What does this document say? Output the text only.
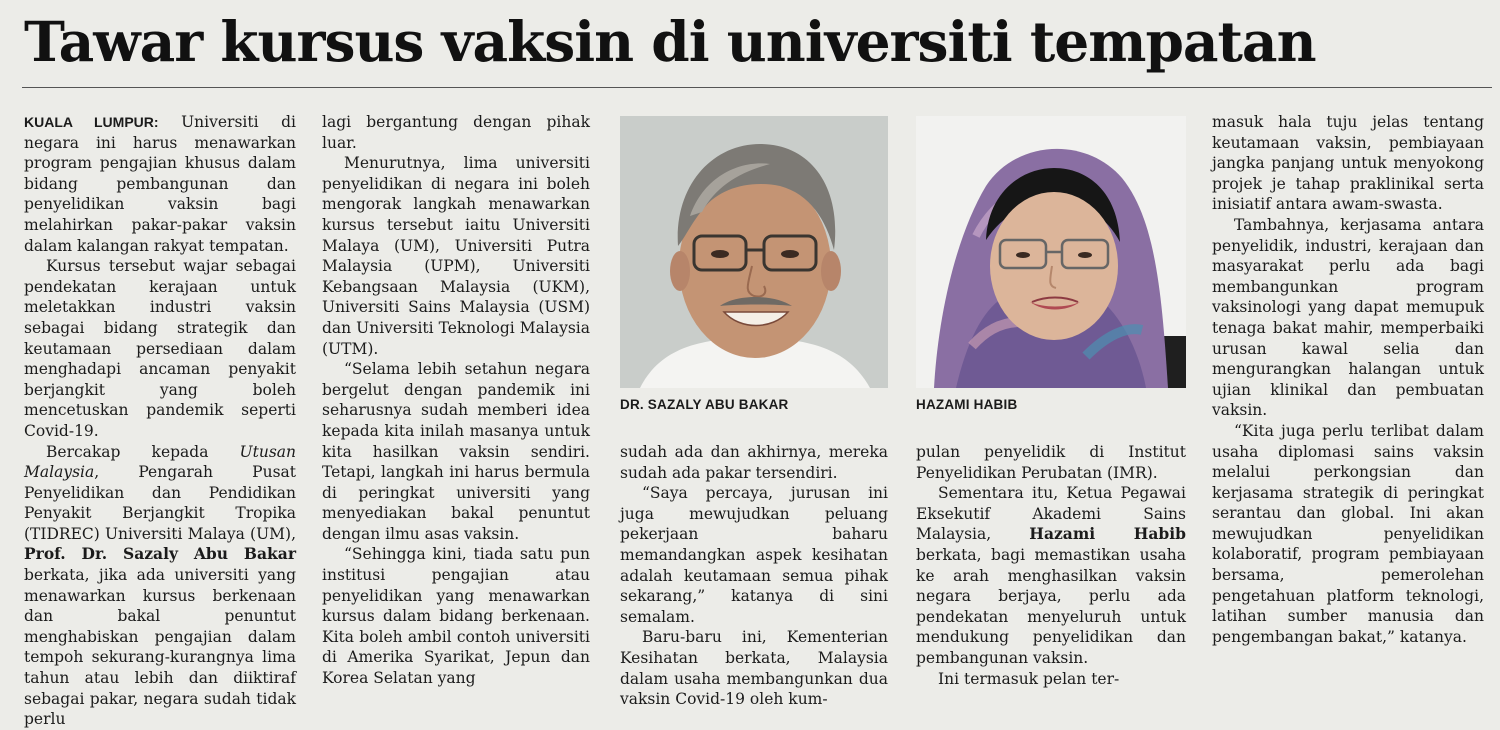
Tawar kursus vaksin di universiti tempatan

KUALA LUMPUR: Universiti di negara ini harus menawarkan program pengajian khusus dalam bidang pembangunan dan penyelidikan vaksin bagi melahirkan pakar-pakar vaksin dalam kalangan rakyat tempatan.

Kursus tersebut wajar sebagai pendekatan kerajaan untuk meletakkan industri vaksin sebagai bidang strategik dan keutamaan persediaan dalam menghadapi ancaman penyakit berjangkit yang boleh mencetuskan pandemik seperti Covid-19.

Bercakap kepada Utusan Malaysia, Pengarah Pusat Penyelidikan dan Pendidikan Penyakit Berjangkit Tropika (TIDREC) Universiti Malaya (UM), Prof. Dr. Sazaly Abu Bakar berkata, jika ada universiti yang menawarkan kursus berkenaan dan bakal penuntut menghabiskan pengajian dalam tempoh sekurang-kurangnya lima tahun atau lebih dan diiktiraf sebagai pakar, negara sudah tidak perlu

lagi bergantung dengan pihak luar.

Menurutnya, lima universiti penyelidikan di negara ini boleh mengorak langkah menawarkan kursus tersebut iaitu Universiti Malaya (UM), Universiti Putra Malaysia (UPM), Universiti Kebangsaan Malaysia (UKM), Universiti Sains Malaysia (USM) dan Universiti Teknologi Malaysia (UTM).

“Selama lebih setahun negara bergelut dengan pandemik ini seharusnya sudah memberi idea kepada kita inilah masanya untuk kita hasilkan vaksin sendiri. Tetapi, langkah ini harus bermula di peringkat universiti yang menyediakan bakal penuntut dengan ilmu asas vaksin.

“Sehingga kini, tiada satu pun institusi pengajian atau penyelidikan yang menawarkan kursus dalam bidang berkenaan. Kita boleh ambil contoh universiti di Amerika Syarikat, Jepun dan Korea Selatan yang

DR. SAZALY ABU BAKAR	HAZAMI HABIB

sudah ada dan akhirnya, mereka sudah ada pakar tersendiri.

“Saya percaya, jurusan ini juga mewujudkan peluang pekerjaan baharu memandangkan aspek kesihatan adalah keutamaan semua pihak sekarang,” katanya di sini semalam.

Baru-baru ini, Kementerian Kesihatan berkata, Malaysia dalam usaha membangunkan dua vaksin Covid-19 oleh kum-

pulan penyelidik di Institut Penyelidikan Perubatan (IMR).

Sementara itu, Ketua Pegawai Eksekutif Akademi Sains Malaysia, Hazami Habib berkata, bagi memastikan usaha ke arah menghasilkan vaksin negara berjaya, perlu ada pendekatan menyeluruh untuk mendukung penyelidikan dan pembangunan vaksin.

Ini termasuk pelan ter-

masuk hala tuju jelas tentang keutamaan vaksin, pembiayaan jangka panjang untuk menyokong projek je tahap praklinikal serta inisiatif antara awam-swasta.

Tambahnya, kerjasama antara penyelidik, industri, kerajaan dan masyarakat perlu ada bagi membangunkan program vaksinologi yang dapat memupuk tenaga bakat mahir, memperbaiki urusan kawal selia dan mengurangkan halangan untuk ujian klinikal dan pembuatan vaksin.

“Kita juga perlu terlibat dalam usaha diplomasi sains vaksin melalui perkongsian dan kerjasama strategik di peringkat serantau dan global. Ini akan mewujudkan penyelidikan kolaboratif, program pembiayaan bersama, pemerolehan pengetahuan platform teknologi, latihan sumber manusia dan pengembangan bakat,” katanya.
